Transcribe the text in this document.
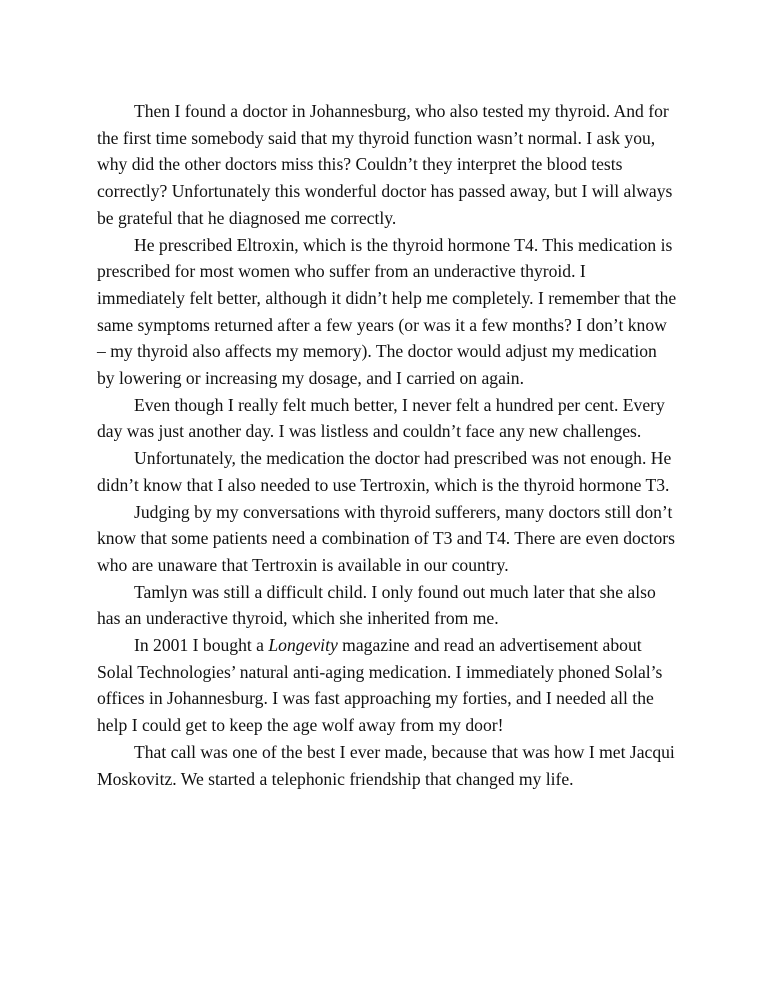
Then I found a doctor in Johannesburg, who also tested my thyroid. And for the first time somebody said that my thyroid function wasn’t normal. I ask you, why did the other doctors miss this? Couldn’t they interpret the blood tests correctly? Unfortunately this wonderful doctor has passed away, but I will always be grateful that he diagnosed me correctly.

He prescribed Eltroxin, which is the thyroid hormone T4. This medication is prescribed for most women who suffer from an underactive thyroid. I immediately felt better, although it didn’t help me completely. I remember that the same symptoms returned after a few years (or was it a few months? I don’t know – my thyroid also affects my memory). The doctor would adjust my medication by lowering or increasing my dosage, and I carried on again.

Even though I really felt much better, I never felt a hundred per cent. Every day was just another day. I was listless and couldn’t face any new challenges.

Unfortunately, the medication the doctor had prescribed was not enough. He didn’t know that I also needed to use Tertroxin, which is the thyroid hormone T3.

Judging by my conversations with thyroid sufferers, many doctors still don’t know that some patients need a combination of T3 and T4. There are even doctors who are unaware that Tertroxin is available in our country.

Tamlyn was still a difficult child. I only found out much later that she also has an underactive thyroid, which she inherited from me.

In 2001 I bought a Longevity magazine and read an advertisement about Solal Technologies’ natural anti-aging medication. I immediately phoned Solal’s offices in Johannesburg. I was fast approaching my forties, and I needed all the help I could get to keep the age wolf away from my door!

That call was one of the best I ever made, because that was how I met Jacqui Moskovitz. We started a telephonic friendship that changed my life.
